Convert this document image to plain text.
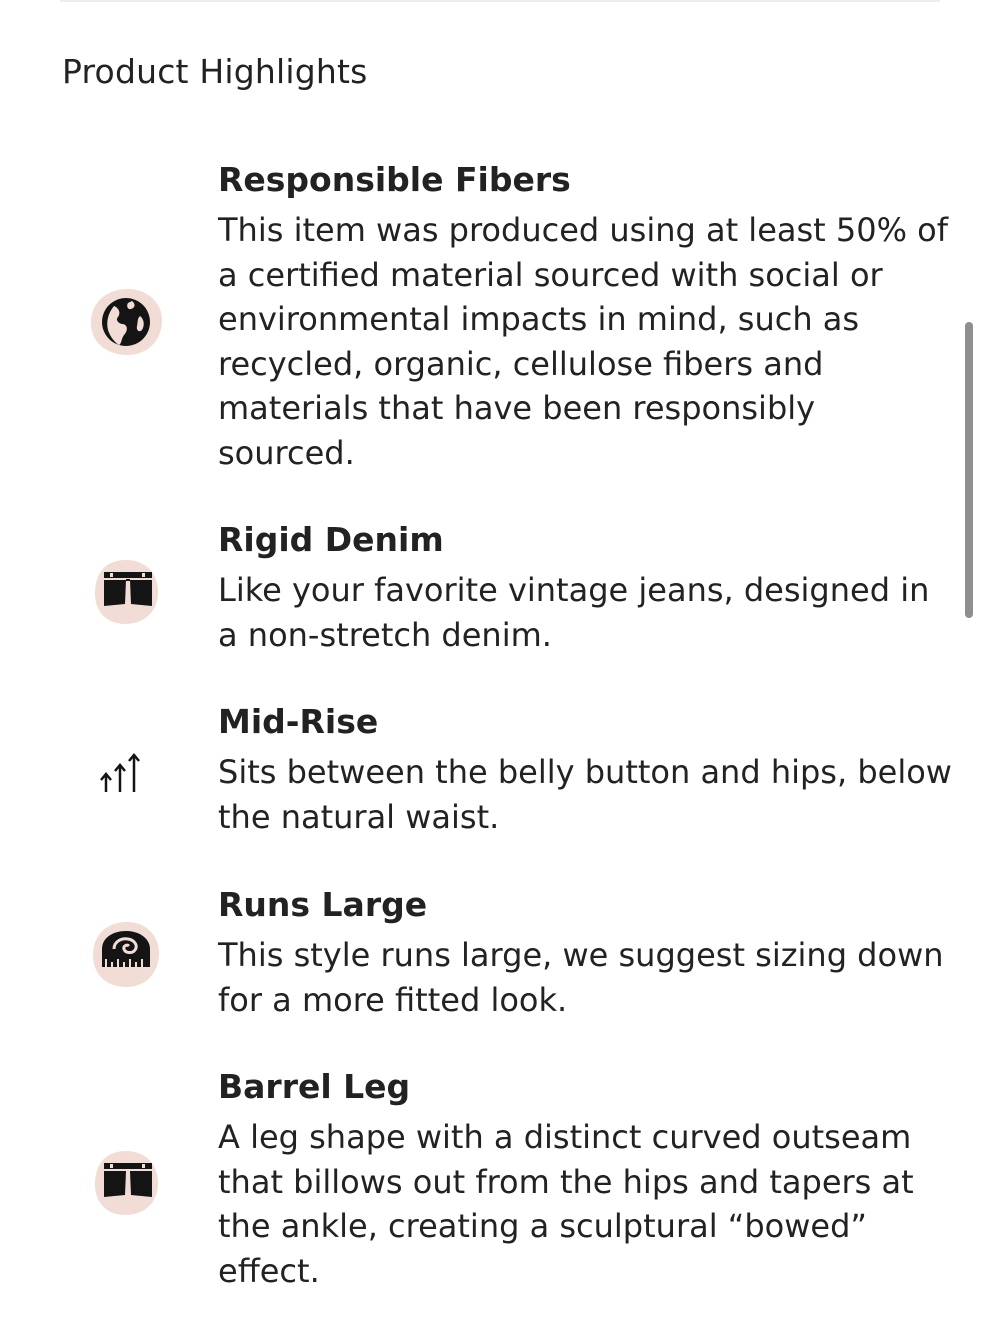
Product Highlights
Responsible Fibers

This item was produced using at least 50% of a certified material sourced with social or environmental impacts in mind, such as recycled, organic, cellulose fibers and materials that have been responsibly sourced.

Rigid Denim

Like your favorite vintage jeans, designed in a non-stretch denim.

Mid-Rise

Sits between the belly button and hips, below the natural waist.

Runs Large

This style runs large, we suggest sizing down for a more fitted look.

Barrel Leg

A leg shape with a distinct curved outseam that billows out from the hips and tapers at the ankle, creating a sculptural “bowed” effect.
